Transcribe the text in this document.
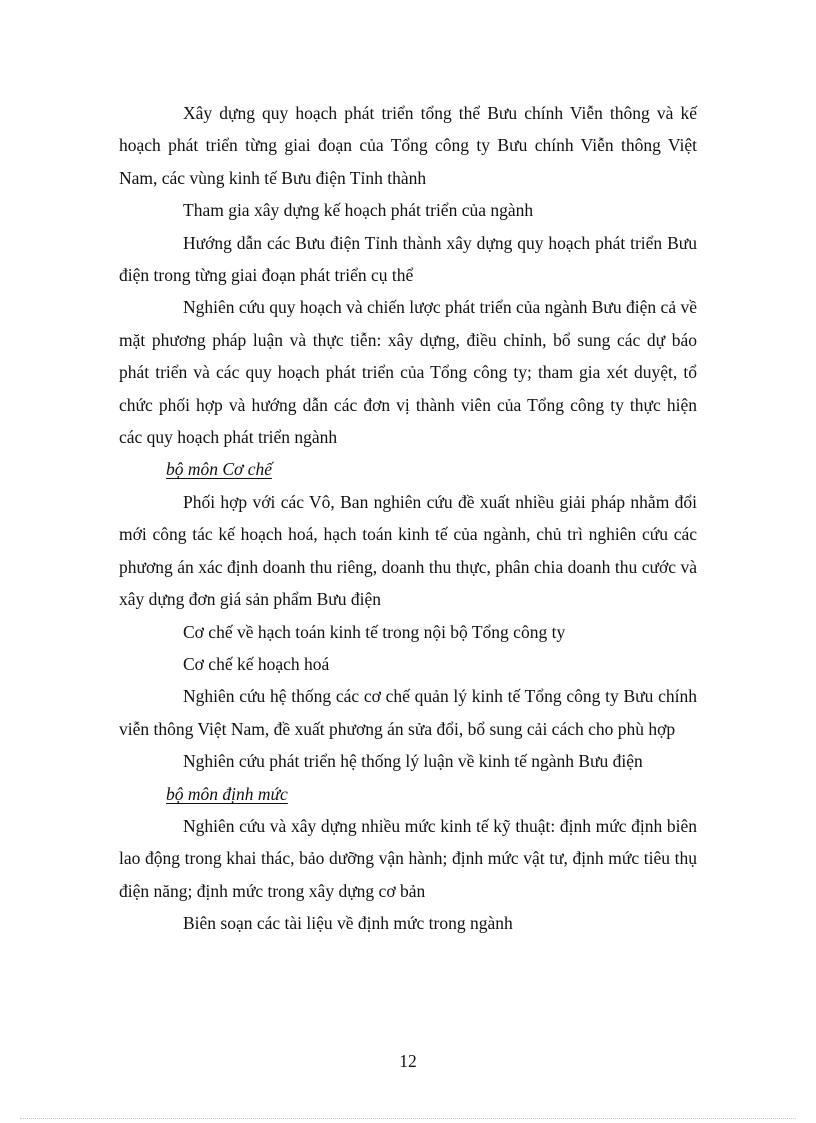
Xây dựng quy hoạch phát triển tổng thể Bưu chính Viễn thông và kế hoạch phát triển từng giai đoạn của Tổng công ty Bưu chính Viễn thông Việt Nam, các vùng kinh tế Bưu điện Tỉnh thành

Tham gia xây dựng kế hoạch phát triển của ngành

Hướng dẫn các Bưu điện Tỉnh thành xây dựng quy hoạch phát triển Bưu điện trong từng giai đoạn phát triển cụ thể

Nghiên cứu quy hoạch và chiến lược phát triển của ngành Bưu điện cả về mặt phương pháp luận và thực tiễn: xây dựng, điều chỉnh, bổ sung các dự báo phát triển và các quy hoạch phát triển của Tổng công ty; tham gia xét duyệt, tổ chức phối hợp và hướng dẫn các đơn vị thành viên của Tổng công ty thực hiện các quy hoạch phát triển ngành

bộ môn Cơ chế

Phối hợp với các Vô, Ban nghiên cứu đề xuất nhiều giải pháp nhằm đổi mới công tác kế hoạch hoá, hạch toán kinh tế của ngành, chủ trì nghiên cứu các phương án xác định doanh thu riêng, doanh thu thực, phân chia doanh thu cước và xây dựng đơn giá sản phẩm Bưu điện

Cơ chế về hạch toán kinh tế trong nội bộ Tổng công ty

Cơ chế kế hoạch hoá

Nghiên cứu hệ thống các cơ chế quản lý kinh tế Tổng công ty Bưu chính viễn thông Việt Nam, đề xuất phương án sửa đổi, bổ sung cải cách cho phù hợp

Nghiên cứu phát triển hệ thống lý luận về kinh tế ngành Bưu điện

bộ môn định mức

Nghiên cứu và xây dựng nhiều mức kinh tế kỹ thuật: định mức định biên lao động trong khai thác, bảo dưỡng vận hành; định mức vật tư, định mức tiêu thụ điện năng; định mức trong xây dựng cơ bản

Biên soạn các tài liệu về định mức trong ngành

12
